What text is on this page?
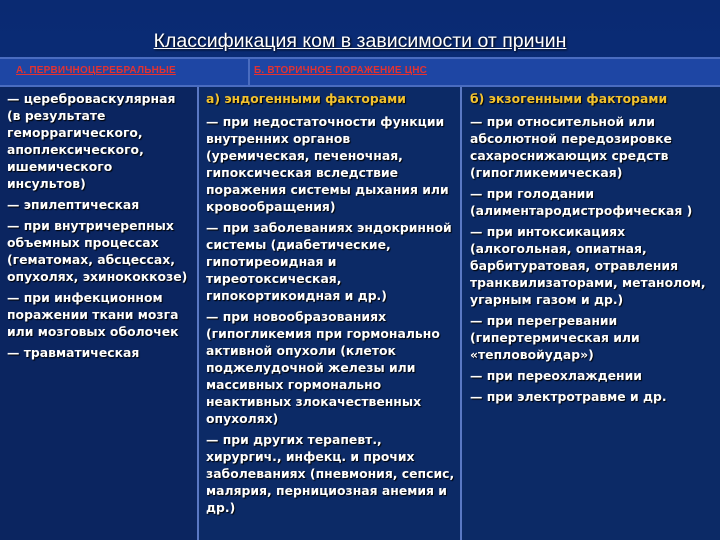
Классификация ком в зависимости от причин
А. ПЕРВИЧНОЦЕРЕБРАЛЬНЫЕ	Б. ВТОРИЧНОЕ ПОРАЖЕНИЕ ЦНС

— цереброваскулярная (в результате геморрагического, апоплексического, ишемического инсультов)

— эпилептическая

— при внутричерепных объемных процессах (гематомах, абсцессах, опухолях, эхинококкозе)

— при инфекционном поражении ткани мозга или мозговых оболочек

— травматическая

а) эндогенными факторами

— при недостаточности функции внутренних органов (уремическая, печеночная, гипоксическая вследствие поражения системы дыхания или кровообращения)

— при заболеваниях эндокринной системы (диабетические, гипотиреоидная и тиреотоксическая, гипокортикоидная и др.)

— при новообразованиях (гипогликемия при гормонально активной опухоли (клеток поджелудочной железы или массивных гормонально неактивных злокачественных опухолях)

— при других терапевт., хирургич., инфекц. и прочих заболеваниях (пневмония, сепсис, малярия, пернициозная анемия и др.)

б) экзогенными факторами

— при относительной или абсолютной передозировке сахароснижающих средств (гипогликемическая)

— при голодании (алиментародистрофическая )

— при интоксикациях (алкогольная, опиатная, барбитуратовая, отравления транквилизаторами, метанолом, угарным газом и др.)

— при перегревании (гипертермическая или «тепловойудар»)

— при переохлаждении

— при электротравме и др.
